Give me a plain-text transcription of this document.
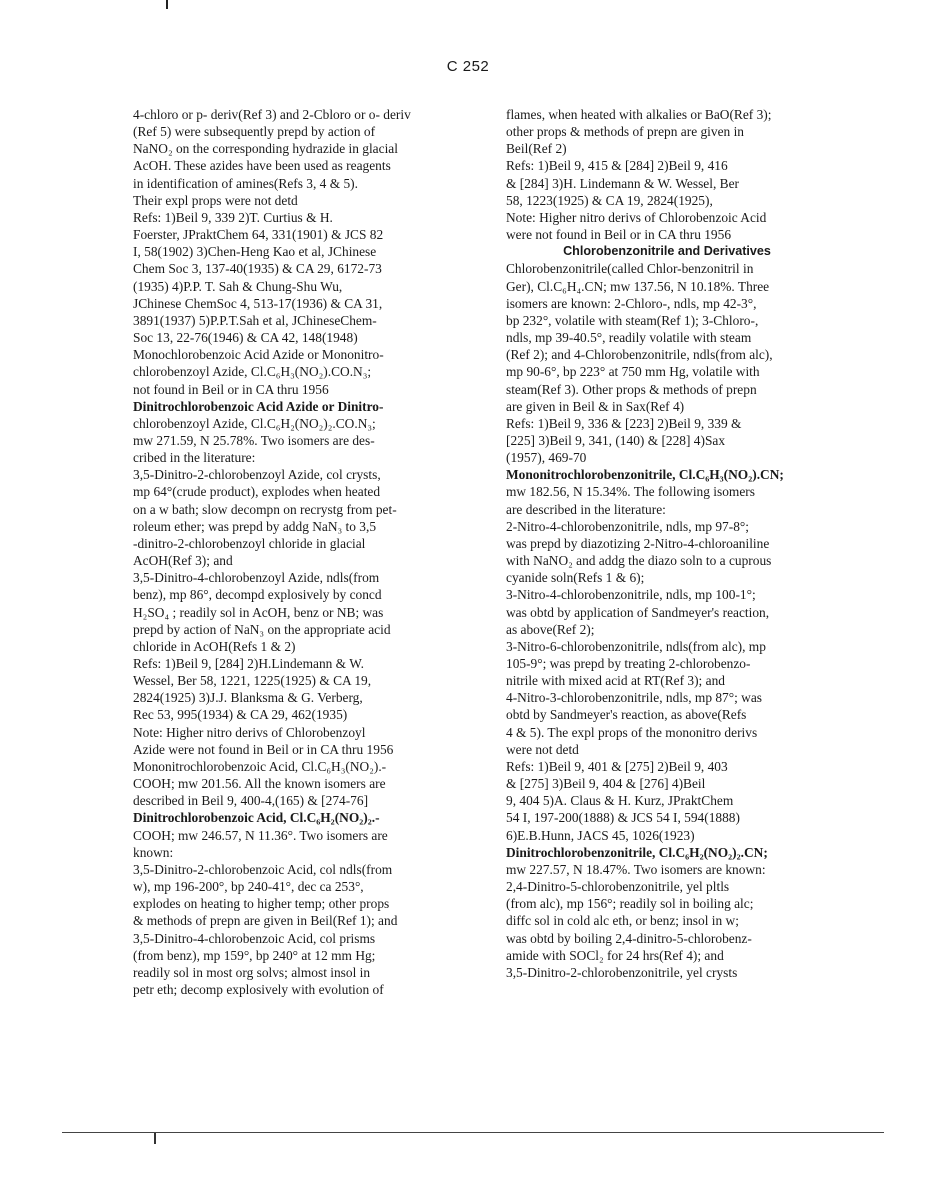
C 252

4-chloro or p- deriv(Ref 3) and 2-Cbloro or o- deriv

(Ref 5) were subsequently prepd by action of

NaNO₂ on the corresponding hydrazide in glacial

AcOH. These azides have been used as reagents

in identification of amines(Refs 3, 4 & 5).

Their expl props were not detd

Refs: 1)Beil 9, 339 2)T. Curtius & H.

Foerster, JPraktChem 64, 331(1901) & JCS 82

I, 58(1902) 3)Chen-Heng Kao et al, JChinese

Chem Soc 3, 137-40(1935) & CA 29, 6172-73

(1935) 4)P.P. T. Sah & Chung-Shu Wu,

JChinese ChemSoc 4, 513-17(1936) & CA 31,

3891(1937) 5)P.P.T.Sah et al, JChineseChem-

Soc 13, 22-76(1946) & CA 42, 148(1948)

Monochlorobenzoic Acid Azide or Mononitro-

chlorobenzoyl Azide, Cl.C₆H₃(NO₂).CO.N₃;

not found in Beil or in CA thru 1956

Dinitrochlorobenzoic Acid Azide or Dinitro-

chlorobenzoyl Azide, Cl.C₆H₂(NO₂)₂.CO.N₃;

mw 271.59, N 25.78%. Two isomers are des-

cribed in the literature:

3,5-Dinitro-2-chlorobenzoyl Azide, col crysts,

mp 64°(crude product), explodes when heated

on a w bath; slow decompn on recrystg from pet-

roleum ether; was prepd by addg NaN₃ to 3,5

-dinitro-2-chlorobenzoyl chloride in glacial

AcOH(Ref 3); and

3,5-Dinitro-4-chlorobenzoyl Azide, ndls(from

benz), mp 86°, decompd explosively by concd

H₂SO₄ ; readily sol in AcOH, benz or NB; was

prepd by action of NaN₃ on the appropriate acid

chloride in AcOH(Refs 1 & 2)

Refs: 1)Beil 9, [284] 2)H.Lindemann & W.

Wessel, Ber 58, 1221, 1225(1925) & CA 19,

2824(1925) 3)J.J. Blanksma & G. Verberg,

Rec 53, 995(1934) & CA 29, 462(1935)

Note: Higher nitro derivs of Chlorobenzoyl

Azide were not found in Beil or in CA thru 1956

Mononitrochlorobenzoic Acid, Cl.C₆H₃(NO₂).-

COOH; mw 201.56. All the known isomers are

described in Beil 9, 400-4,(165) & [274-76]

Dinitrochlorobenzoic Acid, Cl.C₆H₂(NO₂)₂.-

COOH; mw 246.57, N 11.36°. Two isomers are

known:

3,5-Dinitro-2-chlorobenzoic Acid, col ndls(from

w), mp 196-200°, bp 240-41°, dec ca 253°,

explodes on heating to higher temp; other props

& methods of prepn are given in Beil(Ref 1); and

3,5-Dinitro-4-chlorobenzoic Acid, col prisms

(from benz), mp 159°, bp 240° at 12 mm Hg;

readily sol in most org solvs; almost insol in

petr eth; decomp explosively with evolution of

flames, when heated with alkalies or BaO(Ref 3);

other props & methods of prepn are given in

Beil(Ref 2)

Refs: 1)Beil 9, 415 & [284] 2)Beil 9, 416

& [284] 3)H. Lindemann & W. Wessel, Ber

58, 1223(1925) & CA 19, 2824(1925),

Note: Higher nitro derivs of Chlorobenzoic Acid

were not found in Beil or in CA thru 1956

Chlorobenzonitrile and Derivatives

Chlorobenzonitrile(called Chlor-benzonitril in

Ger), Cl.C₆H₄.CN; mw 137.56, N 10.18%. Three

isomers are known: 2-Chloro-, ndls, mp 42-3°,

bp 232°, volatile with steam(Ref 1); 3-Chloro-,

ndls, mp 39-40.5°, readily volatile with steam

(Ref 2); and 4-Chlorobenzonitrile, ndls(from alc),

mp 90-6°, bp 223° at 750 mm Hg, volatile with

steam(Ref 3). Other props & methods of prepn

are given in Beil & in Sax(Ref 4)

Refs: 1)Beil 9, 336 & [223] 2)Beil 9, 339 &

[225] 3)Beil 9, 341, (140) & [228] 4)Sax

(1957), 469-70

Mononitrochlorobenzonitrile, Cl.C₆H₃(NO₂).CN;

mw 182.56, N 15.34%. The following isomers

are described in the literature:

2-Nitro-4-chlorobenzonitrile, ndls, mp 97-8°;

was prepd by diazotizing 2-Nitro-4-chloroaniline

with NaNO₂ and addg the diazo soln to a cuprous

cyanide soln(Refs 1 & 6);

3-Nitro-4-chlorobenzonitrile, ndls, mp 100-1°;

was obtd by application of Sandmeyer's reaction,

as above(Ref 2);

3-Nitro-6-chlorobenzonitrile, ndls(from alc), mp

105-9°; was prepd by treating 2-chlorobenzo-

nitrile with mixed acid at RT(Ref 3); and

4-Nitro-3-chlorobenzonitrile, ndls, mp 87°; was

obtd by Sandmeyer's reaction, as above(Refs

4 & 5). The expl props of the mononitro derivs

were not detd

Refs: 1)Beil 9, 401 & [275] 2)Beil 9, 403

& [275] 3)Beil 9, 404 & [276] 4)Beil

9, 404 5)A. Claus & H. Kurz, JPraktChem

54 I, 197-200(1888) & JCS 54 I, 594(1888)

6)E.B.Hunn, JACS 45, 1026(1923)

Dinitrochlorobenzonitrile, Cl.C₆H₂(NO₂)₂.CN;

mw 227.57, N 18.47%. Two isomers are known:

2,4-Dinitro-5-chlorobenzonitrile, yel pltls

(from alc), mp 156°; readily sol in boiling alc;

diffc sol in cold alc eth, or benz; insol in w;

was obtd by boiling 2,4-dinitro-5-chlorobenz-

amide with SOCl₂ for 24 hrs(Ref 4); and

3,5-Dinitro-2-chlorobenzonitrile, yel crysts
